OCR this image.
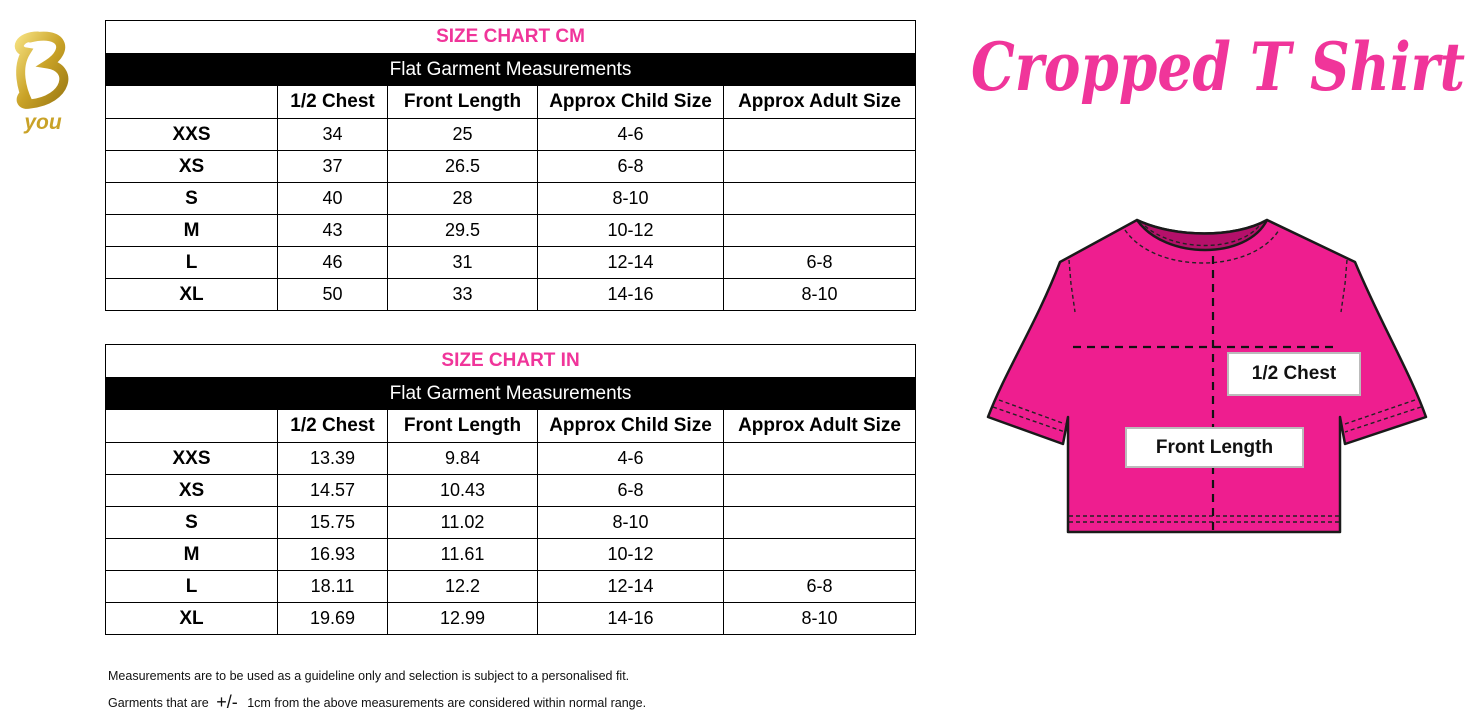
you
SIZE CHART CM				
Flat Garment Measurements				
	1/2 Chest	Front Length	Approx Child Size	Approx Adult Size
XXS	34	25	4-6	
XS	37	26.5	6-8	
S	40	28	8-10	
M	43	29.5	10-12	
L	46	31	12-14	6-8
XL	50	33	14-16	8-10
SIZE CHART IN				
Flat Garment Measurements				
	1/2 Chest	Front Length	Approx Child Size	Approx Adult Size
XXS	13.39	9.84	4-6	
XS	14.57	10.43	6-8	
S	15.75	11.02	8-10	
M	16.93	11.61	10-12	
L	18.11	12.2	12-14	6-8
XL	19.69	12.99	14-16	8-10
Cropped T Shirt
1/2 Chest
Front Length
Measurements are to be used as a guideline only and selection is subject to a personalised fit.
Garments that are +/- 1cm from the above measurements are considered within normal range.
